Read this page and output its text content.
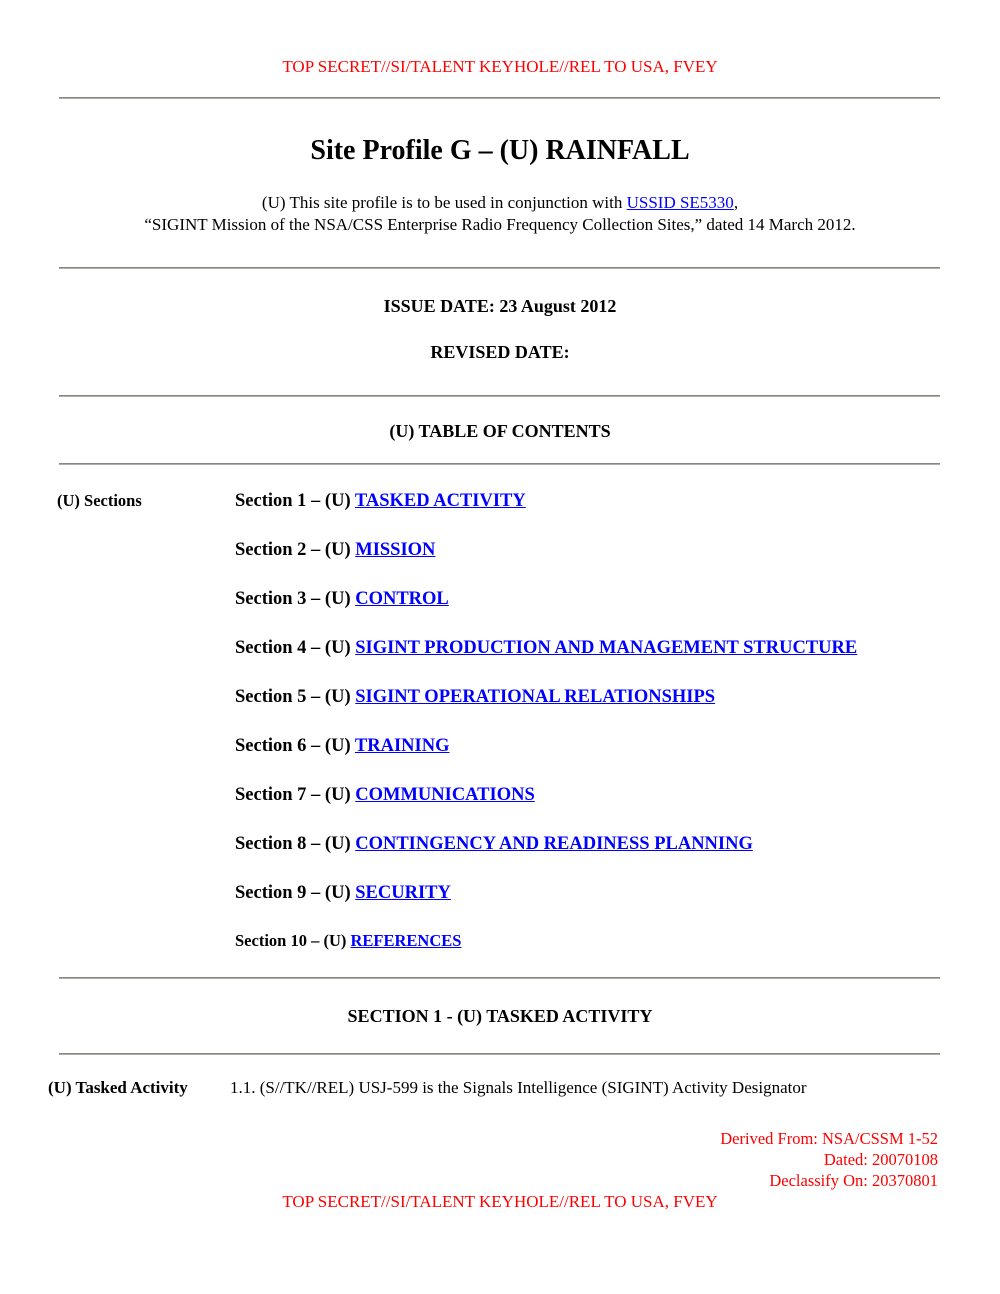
TOP SECRET//SI/TALENT KEYHOLE//REL TO USA, FVEY
Site Profile G – (U) RAINFALL
(U) This site profile is to be used in conjunction with USSID SE5330,
“SIGINT Mission of the NSA/CSS Enterprise Radio Frequency Collection Sites,” dated 14 March 2012.
ISSUE DATE: 23 August 2012
REVISED DATE:
(U) TABLE OF CONTENTS
(U) Sections	Section 1 – (U) TASKED ACTIVITY
Section 2 – (U) MISSION
Section 3 – (U) CONTROL
Section 4 – (U) SIGINT PRODUCTION AND MANAGEMENT STRUCTURE
Section 5 – (U) SIGINT OPERATIONAL RELATIONSHIPS
Section 6 – (U) TRAINING
Section 7 – (U) COMMUNICATIONS
Section 8 – (U) CONTINGENCY AND READINESS PLANNING
Section 9 – (U) SECURITY
Section 10 – (U) REFERENCES
SECTION 1 - (U) TASKED ACTIVITY
(U) Tasked Activity	1.1. (S//TK//REL) USJ-599 is the Signals Intelligence (SIGINT) Activity Designator
Derived From: NSA/CSSM 1-52
Dated: 20070108
Declassify On: 20370801
TOP SECRET//SI/TALENT KEYHOLE//REL TO USA, FVEY
